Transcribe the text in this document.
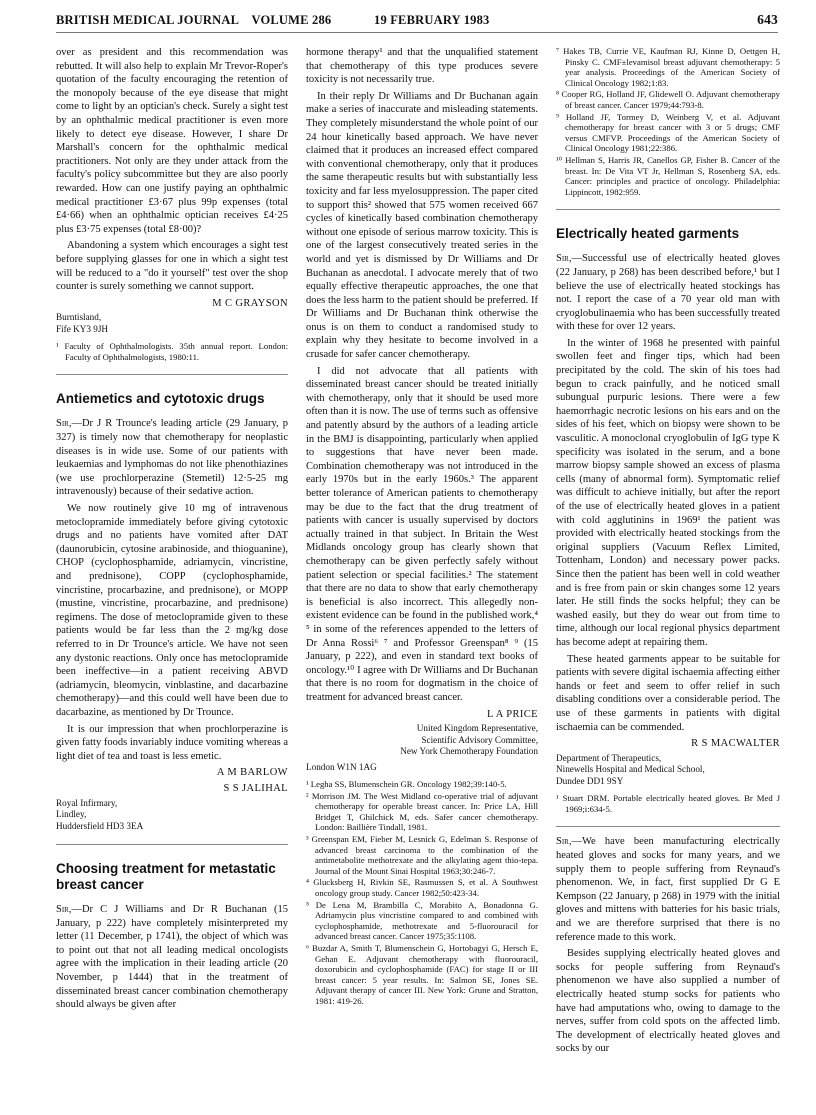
BRITISH MEDICAL JOURNAL VOLUME 286	19 FEBRUARY 1983	643

over as president and this recommendation was rebutted. It will also help to explain Mr Trevor-Roper's quotation of the faculty encouraging the retention of the monopoly because of the eye disease that might come to light by an optician's check. Surely a sight test by an ophthalmic medical practitioner is even more likely to detect eye disease. However, I share Dr Marshall's concern for the ophthalmic medical practitioners. Not only are they under attack from the faculty's policy subcommittee but they are also poorly rewarded. How can one justify paying an ophthalmic medical practitioner £3·67 plus 99p expenses (total £4·66) when an ophthalmic optician receives £4·25 plus £3·75 expenses (total £8·00)?

Abandoning a system which encourages a sight test before supplying glasses for one in which a sight test will be reduced to a "do it yourself" test over the shop counter is surely something we cannot support.

M C GRAYSON
Burntisland,
Fife KY3 9JH
¹ Faculty of Ophthalmologists. 35th annual report. London: Faculty of Ophthalmologists, 1980:11.
Antiemetics and cytotoxic drugs

Sir,—Dr J R Trounce's leading article (29 January, p 327) is timely now that chemotherapy for neoplastic diseases is in wide use. Some of our patients with leukaemias and lymphomas do not like phenothiazines (we use prochlorperazine (Stemetil) 12·5-25 mg intravenously) because of their sedative action.

We now routinely give 10 mg of intravenous metoclopramide immediately before giving cytotoxic drugs and no patients have vomited after DAT (daunorubicin, cytosine arabinoside, and thioguanine), CHOP (cyclophosphamide, adriamycin, vincristine, and prednisone), COPP (cyclophosphamide, vincristine, procarbazine, and prednisone), or MOPP (mustine, vincristine, procarbazine, and prednisone) regimens. The dose of metoclopramide given to these patients would be far less than the 2 mg/kg dose referred to in Dr Trounce's article. We have not seen any dystonic reactions. Only once has metoclopramide been ineffective—in a patient receiving ABVD (adriamycin, bleomycin, vinblastine, and dacarbazine chemotherapy)—and this could well have been due to dacarbazine, as mentioned by Dr Trounce.

It is our impression that when prochlorperazine is given fatty foods invariably induce vomiting whereas a light diet of tea and toast is less emetic.

A M BARLOW
S S JALIHAL
Royal Infirmary,
Lindley,
Huddersfield HD3 3EA
Choosing treatment for metastatic breast cancer

Sir,—Dr C J Williams and Dr R Buchanan (15 January, p 222) have completely misinterpreted my letter (11 December, p 1741), the object of which was to point out that not all leading medical oncologists agree with the implication in their leading article (20 November, p 1444) that in the treatment of disseminated breast cancer combination chemotherapy should always be given after

hormone therapy¹ and that the unqualified statement that chemotherapy of this type produces severe toxicity is not necessarily true.

In their reply Dr Williams and Dr Buchanan again make a series of inaccurate and misleading statements. They completely misunderstand the whole point of our 24 hour kinetically based approach. We have never claimed that it produces an increased effect compared with conventional chemotherapy, only that it produces the same therapeutic results but with substantially less toxicity and far less myelosuppression. The paper cited to support this² showed that 575 women received 667 cycles of kinetically based combination chemotherapy without one episode of serious marrow toxicity. This is one of the largest consecutively treated series in the world and yet is dismissed by Dr Williams and Dr Buchanan as anecdotal. I advocate merely that of two equally effective therapeutic approaches, the one that does the less harm to the patient should be preferred. If Dr Williams and Dr Buchanan think otherwise the onus is on them to conduct a randomised study to explain why they hesitate to become involved in a crusade for safer cancer chemotherapy.

I did not advocate that all patients with disseminated breast cancer should be treated initially with chemotherapy, only that it should be used more often than it is now. The use of terms such as offensive and patently absurd by the authors of a leading article in the BMJ is disappointing, particularly when applied to suggestions that have never been made. Combination chemotherapy was not introduced in the early 1970s but in the early 1960s.³ The apparent better tolerance of American patients to chemotherapy may be due to the fact that the drug treatment of patients with cancer is usually supervised by doctors actually trained in that subject. In Britain the West Midlands oncology group has clearly shown that chemotherapy can be given perfectly safely without patient selection or special facilities.² The statement that there are no data to show that early chemotherapy is beneficial is also incorrect. This allegedly non-existent evidence can be found in the published work,⁴ ⁵ in some of the references appended to the letters of Dr Anna Rossi⁶ ⁷ and Professor Greenspan⁸ ⁹ (15 January, p 222), and even in standard text books of oncology.¹⁰ I agree with Dr Williams and Dr Buchanan that there is no room for dogmatism in the choice of treatment for advanced breast cancer.

L A PRICE
United Kingdom Representative,
Scientific Advisory Committee,
New York Chemotherapy Foundation
London W1N 1AG
¹ Legha SS, Blumenschein GR. Oncology 1982;39:140-5.
² Morrison JM. The West Midland co-operative trial of adjuvant chemotherapy for operable breast cancer. In: Price LA, Hill Bridget T, Ghilchick M, eds. Safer cancer chemotherapy. London: Baillière Tindall, 1981.
³ Greenspan EM, Fieber M, Lesnick G, Edelman S. Response of advanced breast carcinoma to the combination of the antimetabolite methotrexate and the alkylating agent thio-tepa. Journal of the Mount Sinai Hospital 1963;30:246-7.
⁴ Glucksberg H, Rivkin SE, Rasmussen S, et al. A Southwest oncology group study. Cancer 1982;50:423-34.
⁵ De Lena M, Brambilla C, Morabito A, Bonadonna G. Adriamycin plus vincristine compared to and combined with cyclophosphamide, methotrexate and 5-fluorouracil for advanced breast cancer. Cancer 1975;35:1108.
⁶ Buzdar A, Smith T, Blumenschein G, Hortobagyi G, Hersch E, Gehan E. Adjuvant chemotherapy with fluorouracil, doxorubicin and cyclophosphamide (FAC) for stage II or III breast cancer: 5 year results. In: Salmon SE, Jones SE. Adjuvant therapy of cancer III. New York: Grune and Stratton, 1981: 419-26.
⁷ Hakes TB, Currie VE, Kaufman RJ, Kinne D, Oettgen H, Pinsky C. CMF±levamisol breast adjuvant chemotherapy: 5 year analysis. Proceedings of the American Society of Clinical Oncology 1982;1:83.
⁸ Cooper RG, Holland JF, Glidewell O. Adjuvant chemotherapy of breast cancer. Cancer 1979;44:793-8.
⁹ Holland JF, Tormey D, Weinberg V, et al. Adjuvant chemotherapy for breast cancer with 3 or 5 drugs; CMF versus CMFVP. Proceedings of the American Society of Clinical Oncology 1981;22:386.
¹⁰ Hellman S, Harris JR, Canellos GP, Fisher B. Cancer of the breast. In: De Vita VT Jr, Hellman S, Rosenberg SA, eds. Cancer: principles and practice of oncology. Philadelphia: Lippincott, 1982:959.
Electrically heated garments

Sir,—Successful use of electrically heated gloves (22 January, p 268) has been described before,¹ but I believe the use of electrically heated stockings has not. I report the case of a 70 year old man with cryoglobulinaemia who has been successfully treated with these for over 12 years.

In the winter of 1968 he presented with painful swollen feet and finger tips, which had been precipitated by the cold. The skin of his toes had begun to crack painfully, and he noticed small subungual purpuric lesions. There were a few haemorrhagic necrotic lesions on his ears and on the sides of his feet, which on biopsy were shown to be vasculitic. A monoclonal cryoglobulin of IgG type K specificity was isolated in the serum, and a bone marrow biopsy sample showed an excess of plasma cells (many of abnormal form). Symptomatic relief was difficult to achieve initially, but after the report of the use of electrically heated gloves in a patient with cold agglutinins in 1969¹ the patient was provided with electrically heated stockings from the original suppliers (Vacuum Reflex Limited, Tottenham, London) and necessary power packs. Since then the patient has been well in cold weather and is free from pain or skin changes some 12 years later. He still finds the socks helpful; they can be washed easily, but they do wear out from time to time, although our local regional physics department has become adept at repairing them.

These heated garments appear to be suitable for patients with severe digital ischaemia affecting either hands or feet and seem to offer relief in such disabling conditions over a considerable period. The use of these garments in patients with digital ischaemia can be commended.

R S MACWALTER
Department of Therapeutics,
Ninewells Hospital and Medical School,
Dundee DD1 9SY
¹ Stuart DRM. Portable electrically heated gloves. Br Med J 1969;i:634-5.

Sir,—We have been manufacturing electrically heated gloves and socks for many years, and we supply them to people suffering from Reynaud's phenomenon. We, in fact, first supplied Dr G E Kempson (22 January, p 268) in 1979 with the initial gloves and mittens with batteries for his basic trials, and we are therefore surprised that there is no reference made to this work.

Besides supplying electrically heated gloves and socks for people suffering from Reynaud's phenomenon we have also supplied a number of electrically heated stump socks for patients who have had amputations who, owing to damage to the nerves, suffer from cold spots on the affected limb. The development of electrically heated gloves and socks by our
